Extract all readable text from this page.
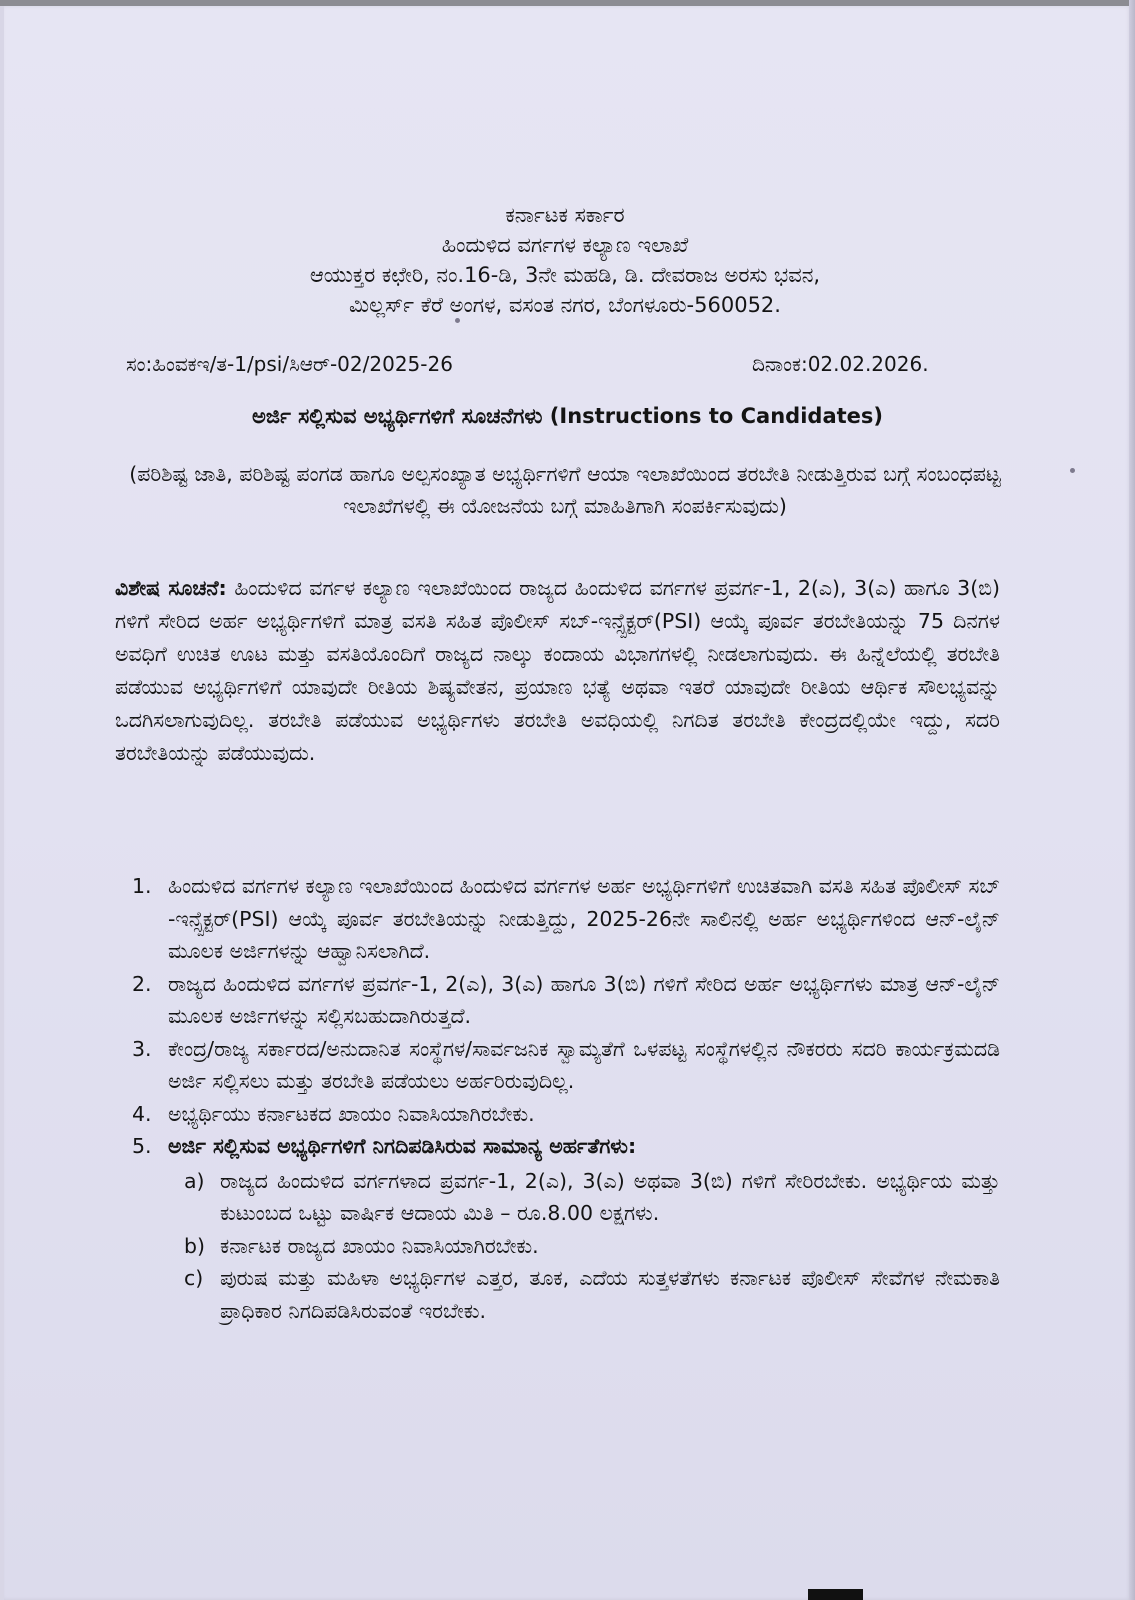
ಕರ್ನಾಟಕ ಸರ್ಕಾರ
ಹಿಂದುಳಿದ ವರ್ಗಗಳ ಕಲ್ಯಾಣ ಇಲಾಖೆ
ಆಯುಕ್ತರ ಕಛೇರಿ, ನಂ.16-ಡಿ, 3ನೇ ಮಹಡಿ, ಡಿ. ದೇವರಾಜ ಅರಸು ಭವನ,
ಮಿಲ್ಲರ್ಸ್ ಕೆರೆ ಅಂಗಳ, ವಸಂತ ನಗರ, ಬೆಂಗಳೂರು-560052.
ಸಂ:ಹಿಂವಕಇ/ತ-1/psi/ಸಿಆರ್-02/2025-26	ದಿನಾಂಕ:02.02.2026.
ಅರ್ಜಿ ಸಲ್ಲಿಸುವ ಅಭ್ಯರ್ಥಿಗಳಿಗೆ ಸೂಚನೆಗಳು (Instructions to Candidates)
(ಪರಿಶಿಷ್ಟ ಜಾತಿ, ಪರಿಶಿಷ್ಟ ಪಂಗಡ ಹಾಗೂ ಅಲ್ಪಸಂಖ್ಯಾತ ಅಭ್ಯರ್ಥಿಗಳಿಗೆ ಆಯಾ ಇಲಾಖೆಯಿಂದ ತರಬೇತಿ ನೀಡುತ್ತಿರುವ ಬಗ್ಗೆ ಸಂಬಂಧಪಟ್ಟ ಇಲಾಖೆಗಳಲ್ಲಿ ಈ ಯೋಜನೆಯ ಬಗ್ಗೆ ಮಾಹಿತಿಗಾಗಿ ಸಂಪರ್ಕಿಸುವುದು)
ವಿಶೇಷ ಸೂಚನೆ: ಹಿಂದುಳಿದ ವರ್ಗಳ ಕಲ್ಯಾಣ ಇಲಾಖೆಯಿಂದ ರಾಜ್ಯದ ಹಿಂದುಳಿದ ವರ್ಗಗಳ ಪ್ರವರ್ಗ-1, 2(ಎ), 3(ಎ) ಹಾಗೂ 3(ಬಿ) ಗಳಿಗೆ ಸೇರಿದ ಅರ್ಹ ಅಭ್ಯರ್ಥಿಗಳಿಗೆ ಮಾತ್ರ ವಸತಿ ಸಹಿತ ಪೊಲೀಸ್ ಸಬ್-ಇನ್ಸ್ಪೆಕ್ಟರ್(PSI) ಆಯ್ಕೆ ಪೂರ್ವ ತರಬೇತಿಯನ್ನು 75 ದಿನಗಳ ಅವಧಿಗೆ ಉಚಿತ ಊಟ ಮತ್ತು ವಸತಿಯೊಂದಿಗೆ ರಾಜ್ಯದ ನಾಲ್ಕು ಕಂದಾಯ ವಿಭಾಗಗಳಲ್ಲಿ ನೀಡಲಾಗುವುದು. ಈ ಹಿನ್ನೆಲೆಯಲ್ಲಿ ತರಬೇತಿ ಪಡೆಯುವ ಅಭ್ಯರ್ಥಿಗಳಿಗೆ ಯಾವುದೇ ರೀತಿಯ ಶಿಷ್ಯವೇತನ, ಪ್ರಯಾಣ ಭತ್ಯೆ ಅಥವಾ ಇತರೆ ಯಾವುದೇ ರೀತಿಯ ಆರ್ಥಿಕ ಸೌಲಭ್ಯವನ್ನು ಒದಗಿಸಲಾಗುವುದಿಲ್ಲ. ತರಬೇತಿ ಪಡೆಯುವ ಅಭ್ಯರ್ಥಿಗಳು ತರಬೇತಿ ಅವಧಿಯಲ್ಲಿ ನಿಗದಿತ ತರಬೇತಿ ಕೇಂದ್ರದಲ್ಲಿಯೇ ಇದ್ದು, ಸದರಿ ತರಬೇತಿಯನ್ನು ಪಡೆಯುವುದು.
1. ಹಿಂದುಳಿದ ವರ್ಗಗಳ ಕಲ್ಯಾಣ ಇಲಾಖೆಯಿಂದ ಹಿಂದುಳಿದ ವರ್ಗಗಳ ಅರ್ಹ ಅಭ್ಯರ್ಥಿಗಳಿಗೆ ಉಚಿತವಾಗಿ ವಸತಿ ಸಹಿತ ಪೊಲೀಸ್ ಸಬ್ -ಇನ್ಸ್ಪೆಕ್ಟರ್(PSI) ಆಯ್ಕೆ ಪೂರ್ವ ತರಬೇತಿಯನ್ನು ನೀಡುತ್ತಿದ್ದು, 2025-26ನೇ ಸಾಲಿನಲ್ಲಿ ಅರ್ಹ ಅಭ್ಯರ್ಥಿಗಳಿಂದ ಆನ್-ಲೈನ್ ಮೂಲಕ ಅರ್ಜಿಗಳನ್ನು ಆಹ್ವಾನಿಸಲಾಗಿದೆ.
2. ರಾಜ್ಯದ ಹಿಂದುಳಿದ ವರ್ಗಗಳ ಪ್ರವರ್ಗ-1, 2(ಎ), 3(ಎ) ಹಾಗೂ 3(ಬಿ) ಗಳಿಗೆ ಸೇರಿದ ಅರ್ಹ ಅಭ್ಯರ್ಥಿಗಳು ಮಾತ್ರ ಆನ್-ಲೈನ್ ಮೂಲಕ ಅರ್ಜಿಗಳನ್ನು ಸಲ್ಲಿಸಬಹುದಾಗಿರುತ್ತದೆ.
3. ಕೇಂದ್ರ/ರಾಜ್ಯ ಸರ್ಕಾರದ/ಅನುದಾನಿತ ಸಂಸ್ಥೆಗಳ/ಸಾರ್ವಜನಿಕ ಸ್ವಾಮ್ಯತೆಗೆ ಒಳಪಟ್ಟ ಸಂಸ್ಥೆಗಳಲ್ಲಿನ ನೌಕರರು ಸದರಿ ಕಾರ್ಯಕ್ರಮದಡಿ ಅರ್ಜಿ ಸಲ್ಲಿಸಲು ಮತ್ತು ತರಬೇತಿ ಪಡೆಯಲು ಅರ್ಹರಿರುವುದಿಲ್ಲ.
4. ಅಭ್ಯರ್ಥಿಯು ಕರ್ನಾಟಕದ ಖಾಯಂ ನಿವಾಸಿಯಾಗಿರಬೇಕು.
5. ಅರ್ಜಿ ಸಲ್ಲಿಸುವ ಅಭ್ಯರ್ಥಿಗಳಿಗೆ ನಿಗದಿಪಡಿಸಿರುವ ಸಾಮಾನ್ಯ ಅರ್ಹತೆಗಳು:
a) ರಾಜ್ಯದ ಹಿಂದುಳಿದ ವರ್ಗಗಳಾದ ಪ್ರವರ್ಗ-1, 2(ಎ), 3(ಎ) ಅಥವಾ 3(ಬಿ) ಗಳಿಗೆ ಸೇರಿರಬೇಕು. ಅಭ್ಯರ್ಥಿಯ ಮತ್ತು ಕುಟುಂಬದ ಒಟ್ಟು ವಾರ್ಷಿಕ ಆದಾಯ ಮಿತಿ – ರೂ.8.00 ಲಕ್ಷಗಳು.
b) ಕರ್ನಾಟಕ ರಾಜ್ಯದ ಖಾಯಂ ನಿವಾಸಿಯಾಗಿರಬೇಕು.
c) ಪುರುಷ ಮತ್ತು ಮಹಿಳಾ ಅಭ್ಯರ್ಥಿಗಳ ಎತ್ತರ, ತೂಕ, ಎದೆಯ ಸುತ್ತಳತೆಗಳು ಕರ್ನಾಟಕ ಪೊಲೀಸ್ ಸೇವೆಗಳ ನೇಮಕಾತಿ ಪ್ರಾಧಿಕಾರ ನಿಗದಿಪಡಿಸಿರುವಂತೆ ಇರಬೇಕು.
